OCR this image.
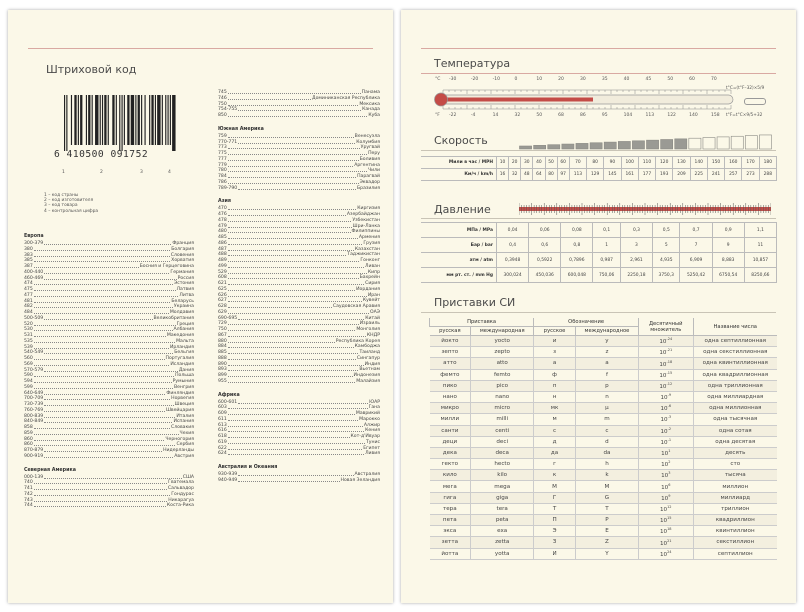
Штриховой код
6 410500 091752
1	2	3	4
1 – код страны
2 – код изготовителя
3 – код товара
4 – контрольная цифра
Европа
300-379	Франция
380	Болгария
383	Словения
385	Хорватия
387	Босния и Герцеговина
400-440	Германия
460-469	Россия
474	Эстония
475	Латвия
477	Литва
481	Беларусь
482	Украина
484	Молдавия
500-509	Великобритания
520	Греция
530	Албания
531	Македония
535	Мальта
539	Ирландия
540-549	Бельгия
560	Португалия
569	Исландия
570-579	Дания
590	Польша
594	Румыния
599	Венгрия
640-649	Финляндия
700-709	Норвегия
730-739	Швеция
760-769	Швейцария
800-839	Италия
840-849	Испания
858	Словакия
859	Чехия
860	Черногория
860	Сербия
870-879	Нидерланды
900-919	Австрия
Северная Америка
000-139	США
740	Гватемала
741	Сальвадор
742	Гондурас
743	Никарагуа
744	Коста-Рика
745	Панама
746	Доминиканская Республика
750	Мексика
754-755	Канада
850	Куба
Южная Америка
759	Венесуэла
770-771	Колумбия
773	Уругвай
775	Перу
777	Боливия
779	Аргентина
780	Чили
784	Парагвай
786	Эквадор
789-790	Бразилия
Азия
470	Киргизия
476	Азербайджан
478	Узбекистан
479	Шри-Ланка
480	Филиппины
485	Армения
486	Грузия
487	Казахстан
488	Таджикистан
489	Гонконг
499	Ливан
529	Кипр
608	Бахрейн
621	Сирия
625	Иордания
626	Иран
627	Кувейт
628	Саудовская Аравия
629	ОАЭ
690-695	Китай
729	Израиль
750	Монголия
867	КНДР
880	Республика Корея
884	Камбоджа
885	Таиланд
888	Сингапур
890	Индия
893	Вьетнам
899	Индонезия
955	Малайзия
Африка
600-601	ЮАР
603	Гана
609	Маврикий
611	Марокко
613	Алжир
616	Кения
618	Кот-д'Ивуар
619	Тунис
622	Египет
624	Ливия
Австралия и Океания
930-939	Австралия
940-949	Новая Зеландия
Температура
°C
°F
-30	-20	-10	0	10	20	30	35	40	45	50	60	70
-22	-4	14	32	50	68	86	95	104	113	122	140	158
t°C=(t°F–32)×5/9
t°F=t°C×9/5+32
Скорость
Мили в час / MPH	10	20	30	40	50	60	70	80	90	100	110	120	130	140	150	160	170	180
Км/ч / km/h	16	32	48	64	80	97	113	129	145	161	177	193	209	225	241	257	273	288
Давление
МПа / MPa	0,04	0,06	0,08	0,1	0,3	0,5	0,7	0,9	1,1
Бар / bar	0,4	0,6	0,8	1	3	5	7	9	11
атм / atm	0,3948	0,5922	0,7896	0,987	2,961	4,935	6,909	8,883	10,857
мм рт. ст. / mm Hg	300,024	450,036	600,048	750,06	2250,18	3750,3	5250,42	6750,54	8250,66
Приставки СИ
Приставка		Обозначение		Десятичный множитель	Название числа
русская	международная	русское	международное		
йокто	yocto	и	y	$10^{-24}$	одна септиллионная
зепто	zepto	з	z	$10^{-21}$	одна секстиллионная
атто	atto	а	a	$10^{-18}$	одна квинтиллионная
фемто	femto	ф	f	$10^{-15}$	одна квадриллионная
пико	pico	п	p	$10^{-12}$	одна триллионная
нано	nano	н	n	$10^{-9}$	одна миллиардная
микро	micro	мк	μ	$10^{-6}$	одна миллионная
милли	milli	м	m	$10^{-3}$	одна тысячная
санти	centi	с	c	$10^{-2}$	одна сотая
деци	deci	д	d	$10^{-1}$	одна десятая
дека	deca	да	da	$10^1$	десять
гекто	hecto	г	h	$10^2$	сто
кило	kilo	к	k	$10^3$	тысяча
мега	mega	М	M	$10^6$	миллион
гига	giga	Г	G	$10^9$	миллиард
тера	tera	Т	T	$10^{12}$	триллион
пета	peta	П	P	$10^{15}$	квадриллион
экса	exa	Э	E	$10^{18}$	квинтиллион
зетта	zetta	З	Z	$10^{21}$	секстиллион
йотта	yotta	И	Y	$10^{24}$	септиллион
